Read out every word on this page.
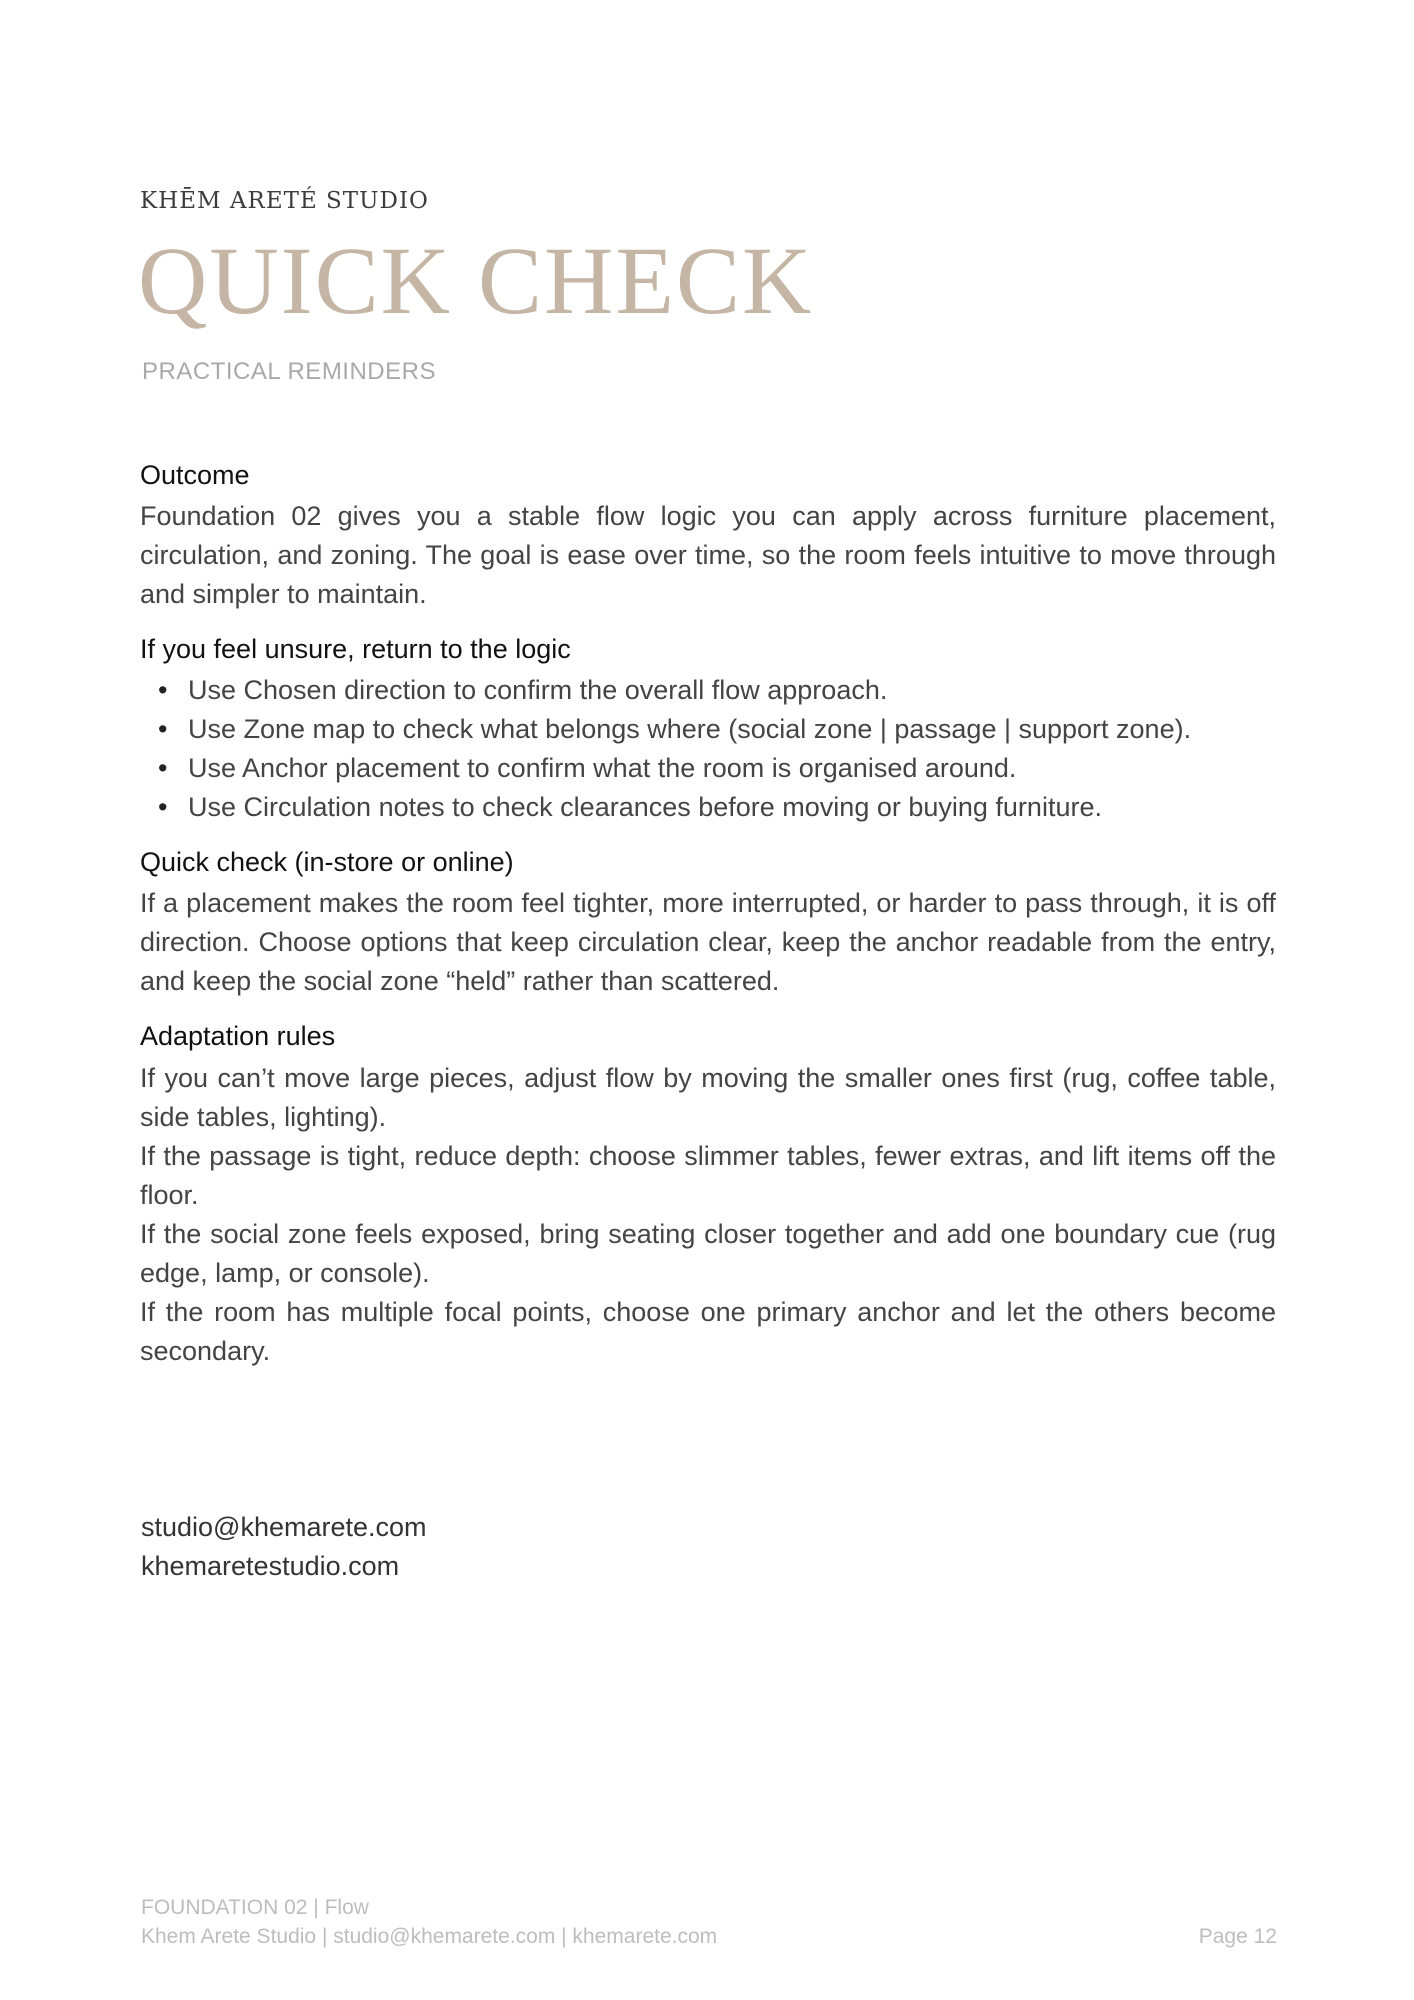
KHĒM ARETÉ STUDIO
QUICK CHECK
PRACTICAL REMINDERS
Outcome

Foundation 02 gives you a stable flow logic you can apply across furniture placement, circulation, and zoning. The goal is ease over time, so the room feels intuitive to move through and simpler to maintain.

If you feel unsure, return to the logic
• Use Chosen direction to confirm the overall flow approach.
• Use Zone map to check what belongs where (social zone | passage | support zone).
• Use Anchor placement to confirm what the room is organised around.
• Use Circulation notes to check clearances before moving or buying furniture.
Quick check (in-store or online)

If a placement makes the room feel tighter, more interrupted, or harder to pass through, it is off direction. Choose options that keep circulation clear, keep the anchor readable from the entry, and keep the social zone “held” rather than scattered.

Adaptation rules

If you can’t move large pieces, adjust flow by moving the smaller ones first (rug, coffee table, side tables, lighting).

If the passage is tight, reduce depth: choose slimmer tables, fewer extras, and lift items off the floor.

If the social zone feels exposed, bring seating closer together and add one boundary cue (rug edge, lamp, or console).

If the room has multiple focal points, choose one primary anchor and let the others become secondary.

studio@khemarete.com
khemaretestudio.com
FOUNDATION 02 | Flow
Khem Arete Studio | studio@khemarete.com | khemarete.com	Page 12
